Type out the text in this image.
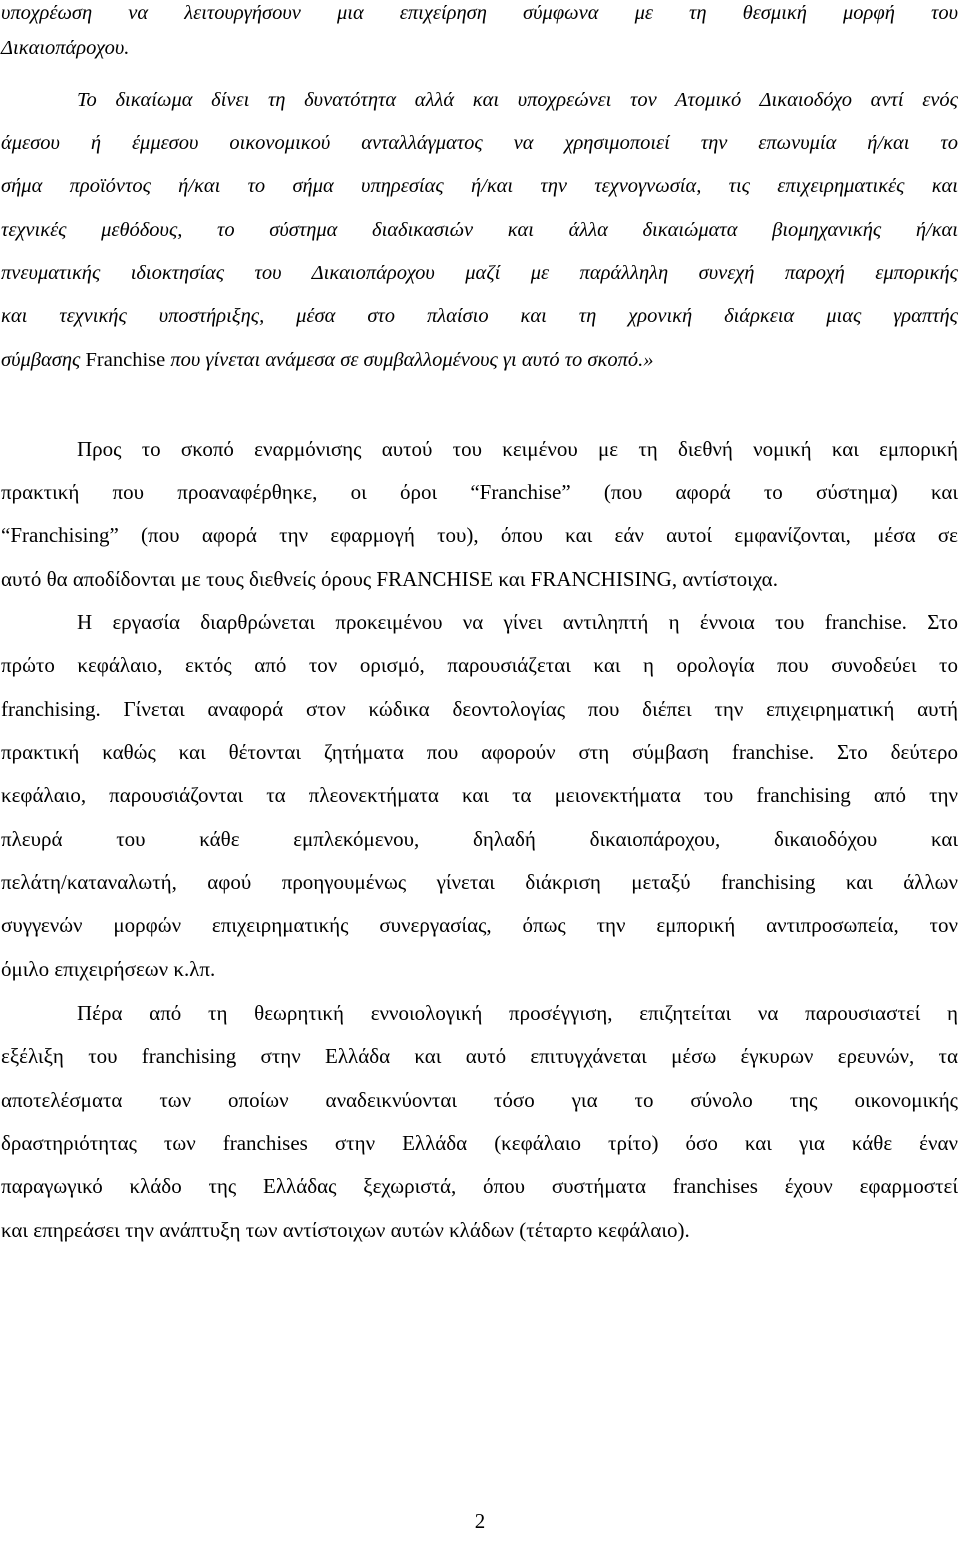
υποχρέωση να λειτουργήσουν μια επιχείρηση σύμφωνα με τη θεσμική μορφή του
Δικαιοπάροχου.
Το δικαίωμα δίνει τη δυνατότητα αλλά και υποχρεώνει τον Ατομικό Δικαιοδόχο αντί ενός
άμεσου ή έμμεσου οικονομικού ανταλλάγματος να χρησιμοποιεί την επωνυμία ή/και το
σήμα προϊόντος ή/και το σήμα υπηρεσίας ή/και την τεχνογνωσία, τις επιχειρηματικές και
τεχνικές μεθόδους, το σύστημα διαδικασιών και άλλα δικαιώματα βιομηχανικής ή/και
πνευματικής ιδιοκτησίας του Δικαιοπάροχου μαζί με παράλληλη συνεχή παροχή εμπορικής
και τεχνικής υποστήριξης, μέσα στο πλαίσιο και τη χρονική διάρκεια μιας γραπτής
σύμβασης Franchise που γίνεται ανάμεσα σε συμβαλλομένους γι αυτό το σκοπό.»
Προς το σκοπό εναρμόνισης αυτού του κειμένου με τη διεθνή νομική και εμπορική
πρακτική που προαναφέρθηκε, οι όροι “Franchise” (που αφορά το σύστημα) και
“Franchising” (που αφορά την εφαρμογή του), όπου και εάν αυτοί εμφανίζονται, μέσα σε
αυτό θα αποδίδονται με τους διεθνείς όρους FRANCHISE και FRANCHISING, αντίστοιχα.
Η εργασία διαρθρώνεται προκειμένου να γίνει αντιληπτή η έννοια του franchise. Στο
πρώτο κεφάλαιο, εκτός από τον ορισμό, παρουσιάζεται και η ορολογία που συνοδεύει το
franchising. Γίνεται αναφορά στον κώδικα δεοντολογίας που διέπει την επιχειρηματική αυτή
πρακτική καθώς και θέτονται ζητήματα που αφορούν στη σύμβαση franchise. Στο δεύτερο
κεφάλαιο, παρουσιάζονται τα πλεονεκτήματα και τα μειονεκτήματα του franchising από την
πλευρά του κάθε εμπλεκόμενου, δηλαδή δικαιοπάροχου, δικαιοδόχου και
πελάτη/καταναλωτή, αφού προηγουμένως γίνεται διάκριση μεταξύ franchising και άλλων
συγγενών μορφών επιχειρηματικής συνεργασίας, όπως την εμπορική αντιπροσωπεία, τον
όμιλο επιχειρήσεων κ.λπ.
Πέρα από τη θεωρητική εννοιολογική προσέγγιση, επιζητείται να παρουσιαστεί η
εξέλιξη του franchising στην Ελλάδα και αυτό επιτυγχάνεται μέσω έγκυρων ερευνών, τα
αποτελέσματα των οποίων αναδεικνύονται τόσο για το σύνολο της οικονομικής
δραστηριότητας των franchises στην Ελλάδα (κεφάλαιο τρίτο) όσο και για κάθε έναν
παραγωγικό κλάδο της Ελλάδας ξεχωριστά, όπου συστήματα franchises έχουν εφαρμοστεί
και επηρεάσει την ανάπτυξη των αντίστοιχων αυτών κλάδων (τέταρτο κεφάλαιο).
2
